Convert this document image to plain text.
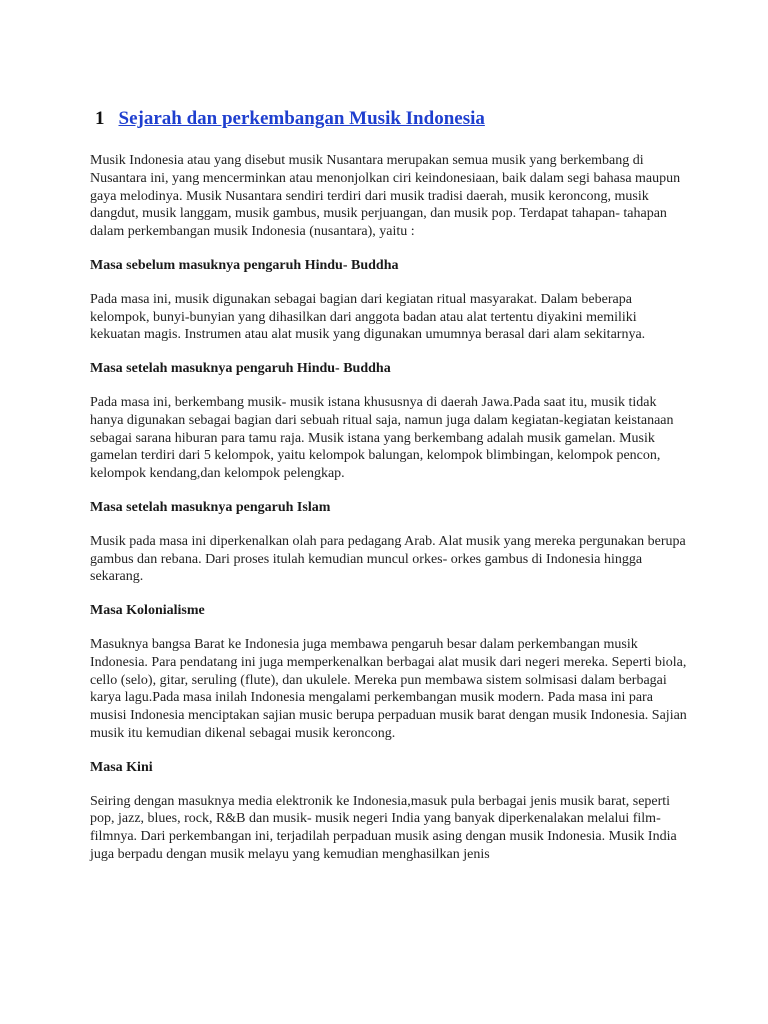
1 Sejarah dan perkembangan Musik Indonesia

Musik Indonesia atau yang disebut musik Nusantara merupakan semua musik yang berkembang di Nusantara ini, yang mencerminkan atau menonjolkan ciri keindonesiaan, baik dalam segi bahasa maupun gaya melodinya. Musik Nusantara sendiri terdiri dari musik tradisi daerah, musik keroncong, musik dangdut, musik langgam, musik gambus, musik perjuangan, dan musik pop. Terdapat tahapan- tahapan dalam perkembangan musik Indonesia (nusantara), yaitu :

Masa sebelum masuknya pengaruh Hindu- Buddha

Pada masa ini, musik digunakan sebagai bagian dari kegiatan ritual masyarakat. Dalam beberapa kelompok, bunyi-bunyian yang dihasilkan dari anggota badan atau alat tertentu diyakini memiliki kekuatan magis. Instrumen atau alat musik yang digunakan umumnya berasal dari alam sekitarnya.

Masa setelah masuknya pengaruh Hindu- Buddha

Pada masa ini, berkembang musik- musik istana khususnya di daerah Jawa.Pada saat itu, musik tidak hanya digunakan sebagai bagian dari sebuah ritual saja, namun juga dalam kegiatan-kegiatan keistanaan sebagai sarana hiburan para tamu raja. Musik istana yang berkembang adalah musik gamelan. Musik gamelan terdiri dari 5 kelompok, yaitu kelompok balungan, kelompok blimbingan, kelompok pencon, kelompok kendang,dan kelompok pelengkap.

Masa setelah masuknya pengaruh Islam

Musik pada masa ini diperkenalkan olah para pedagang Arab. Alat musik yang mereka pergunakan berupa gambus dan rebana. Dari proses itulah kemudian muncul orkes- orkes gambus di Indonesia hingga sekarang.

Masa Kolonialisme

Masuknya bangsa Barat ke Indonesia juga membawa pengaruh besar dalam perkembangan musik Indonesia. Para pendatang ini juga memperkenalkan berbagai alat musik dari negeri mereka. Seperti biola, cello (selo), gitar, seruling (flute), dan ukulele. Mereka pun membawa sistem solmisasi dalam berbagai karya lagu.Pada masa inilah Indonesia mengalami perkembangan musik modern. Pada masa ini para musisi Indonesia menciptakan sajian music berupa perpaduan musik barat dengan musik Indonesia. Sajian musik itu kemudian dikenal sebagai musik keroncong.

Masa Kini

Seiring dengan masuknya media elektronik ke Indonesia,masuk pula berbagai jenis musik barat, seperti pop, jazz, blues, rock, R&B dan musik- musik negeri India yang banyak diperkenalakan melalui film-filmnya. Dari perkembangan ini, terjadilah perpaduan musik asing dengan musik Indonesia. Musik India juga berpadu dengan musik melayu yang kemudian menghasilkan jenis
